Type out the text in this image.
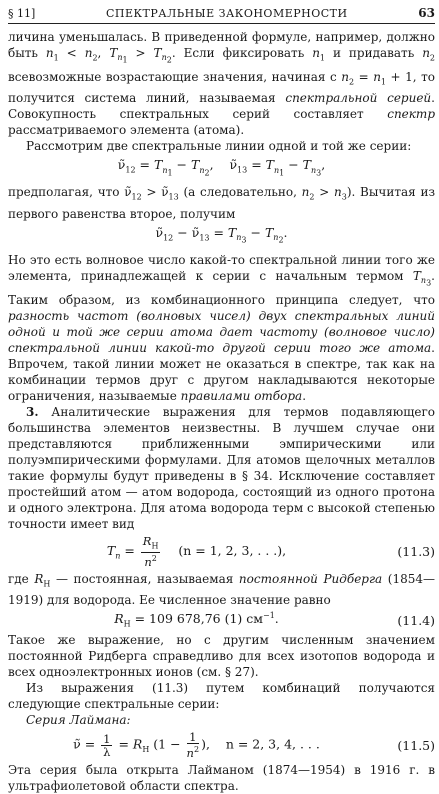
§ 11]	СПЕКТРАЛЬНЫЕ ЗАКОНОМЕРНОСТИ	63

личина уменьшалась. В приведенной формуле, например, должно быть $n_1 < n_2$, $T_{n_1} > T_{n_2}$. Если фиксировать $n_1$ и придавать $n_2$ всевозможные возрастающие значения, начиная с $n_2 = n_1 + 1$, то получится система линий, называемая спектральной серией. Совокупность спектральных серий составляет спектр рассматриваемого элемента (атома).

Рассмотрим две спектральные линии одной и той же серии:

$\nũ_{12} = T_{n_1} - T_{n_2}$,    $\nũ_{13} = T_{n_1} - T_{n_3}$,

предполагая, что $\nũ_{12}$ > $\nũ_{13}$ (а следовательно, $n_2 > n_3$). Вычитая из первого равенства второе, получим

$\nũ_{12}$ − $\nũ_{13} = T_{n_3} - T_{n_2}$.

Но это есть волновое число какой-то спектральной линии того же элемента, принадлежащей к серии с начальным термом $T_{n_3}$. Таким образом, из комбинационного принципа следует, что разность частот (волновых чисел) двух спектральных линий одной и той же серии атома дает частоту (волновое число) спектральной линии какой-то другой серии того же атома. Впрочем, такой линии может не оказаться в спектре, так как на комбинации термов друг с другом накладываются некоторые ограничения, называемые правилами отбора.

3. Аналитические выражения для термов подавляющего большинства элементов неизвестны. В лучшем случае они представляются приближенными эмпирическими или полуэмпирическими формулами. Для атомов щелочных металлов такие формулы будут приведены в § 34. Исключение составляет простейший атом — атом водорода, состоящий из одного протона и одного электрона. Для атома водорода терм с высокой степенью точности имеет вид

$T_n = \frac{R_H}{n^2} (n = 1$, 2, 3, . . .),	(11.3)

где $R_H$ — постоянная, называемая постоянной Ридберга (1854—1919) для водорода. Ее численное значение равно

$R_H = 109$ 678,76 (1) $см^{-1}$.	(11.4)

Такое же выражение, но с другим численным значением постоянной Ридберга справедливо для всех изотопов водорода и всех одноэлектронных ионов (см. § 27).

Из выражения (11.3) путем комбинаций получаются следующие спектральные серии:

Серия Лаймана:

ν̃ = $\frac{1}{\lambda} = R_H$ ($1 - \frac{1}{n^2}$ ),    n = 2, 3, 4, . . .	(11.5)

Эта серия была открыта Лайманом (1874—1954) в 1916 г. в ультрафиолетовой области спектра.
